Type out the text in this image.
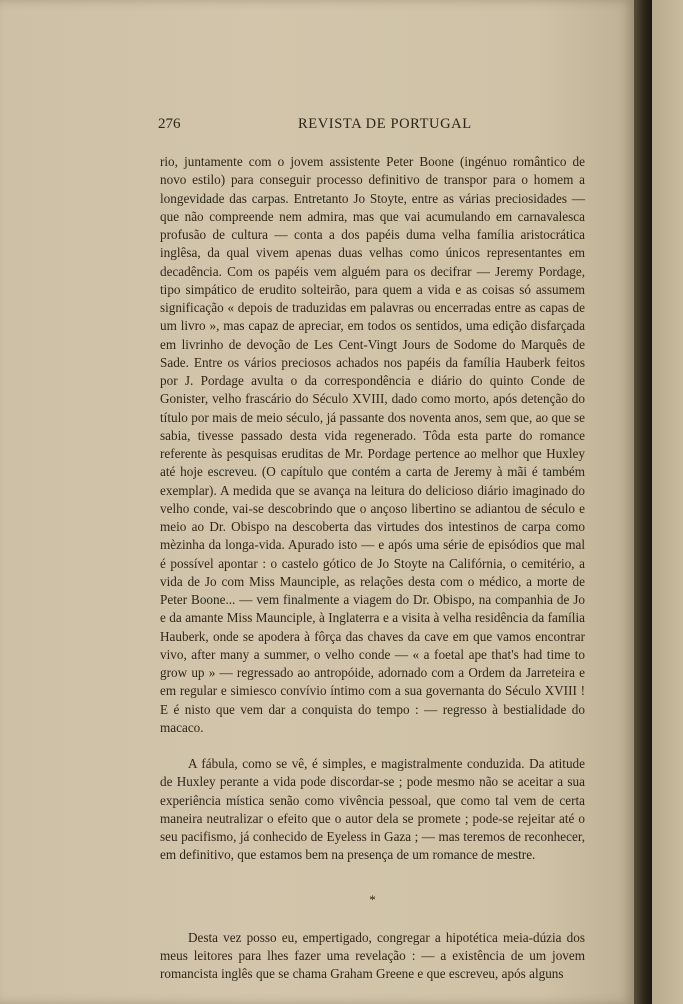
276	REVISTA DE PORTUGAL

rio, juntamente com o jovem assistente Peter Boone (ingénuo romântico de novo estilo) para conseguir processo definitivo de transpor para o homem a longevidade das carpas. Entretanto Jo Stoyte, entre as várias preciosidades — que não compreende nem admira, mas que vai acumulando em carnavalesca profusão de cultura — conta a dos papéis duma velha família aristocrática inglêsa, da qual vivem apenas duas velhas como únicos representantes em decadência. Com os papéis vem alguém para os decifrar — Jeremy Pordage, tipo simpático de erudito solteirão, para quem a vida e as coisas só assumem significação « depois de traduzidas em palavras ou encerradas entre as capas de um livro », mas capaz de apreciar, em todos os sentidos, uma edição disfarçada em livrinho de devoção de Les Cent-Vingt Jours de Sodome do Marquês de Sade. Entre os vários preciosos achados nos papéis da família Hauberk feitos por J. Pordage avulta o da correspondência e diário do quinto Conde de Gonister, velho frascário do Século XVIII, dado como morto, após detenção do título por mais de meio século, já passante dos noventa anos, sem que, ao que se sabia, tivesse passado desta vida regenerado. Tôda esta parte do romance referente às pesquisas eruditas de Mr. Pordage pertence ao melhor que Huxley até hoje escreveu. (O capítulo que contém a carta de Jeremy à mãi é também exemplar). A medida que se avança na leitura do delicioso diário imaginado do velho conde, vai-se descobrindo que o ançoso libertino se adiantou de século e meio ao Dr. Obispo na descoberta das virtudes dos intestinos de carpa como mèzinha da longa-vida. Apurado isto — e após uma série de episódios que mal é possível apontar : o castelo gótico de Jo Stoyte na Califórnia, o cemitério, a vida de Jo com Miss Maunciple, as relações desta com o médico, a morte de Peter Boone... — vem finalmente a viagem do Dr. Obispo, na companhia de Jo e da amante Miss Maunciple, à Inglaterra e a visita à velha residência da família Hauberk, onde se apodera à fôrça das chaves da cave em que vamos encontrar vivo, after many a summer, o velho conde — « a foetal ape that's had time to grow up » — regressado ao antropóide, adornado com a Ordem da Jarreteira e em regular e simiesco convívio íntimo com a sua governanta do Século XVIII ! E é nisto que vem dar a conquista do tempo : — regresso à bestialidade do macaco.

A fábula, como se vê, é simples, e magistralmente conduzida. Da atitude de Huxley perante a vida pode discordar-se ; pode mesmo não se aceitar a sua experiência mística senão como vivência pessoal, que como tal vem de certa maneira neutralizar o efeito que o autor dela se promete ; pode-se rejeitar até o seu pacifismo, já conhecido de Eyeless in Gaza ; — mas teremos de reconhecer, em definitivo, que estamos bem na presença de um romance de mestre.

*

Desta vez posso eu, empertigado, congregar a hipotética meia-dúzia dos meus leitores para lhes fazer uma revelação : — a existência de um jovem romancista inglês que se chama Graham Greene e que escreveu, após alguns
